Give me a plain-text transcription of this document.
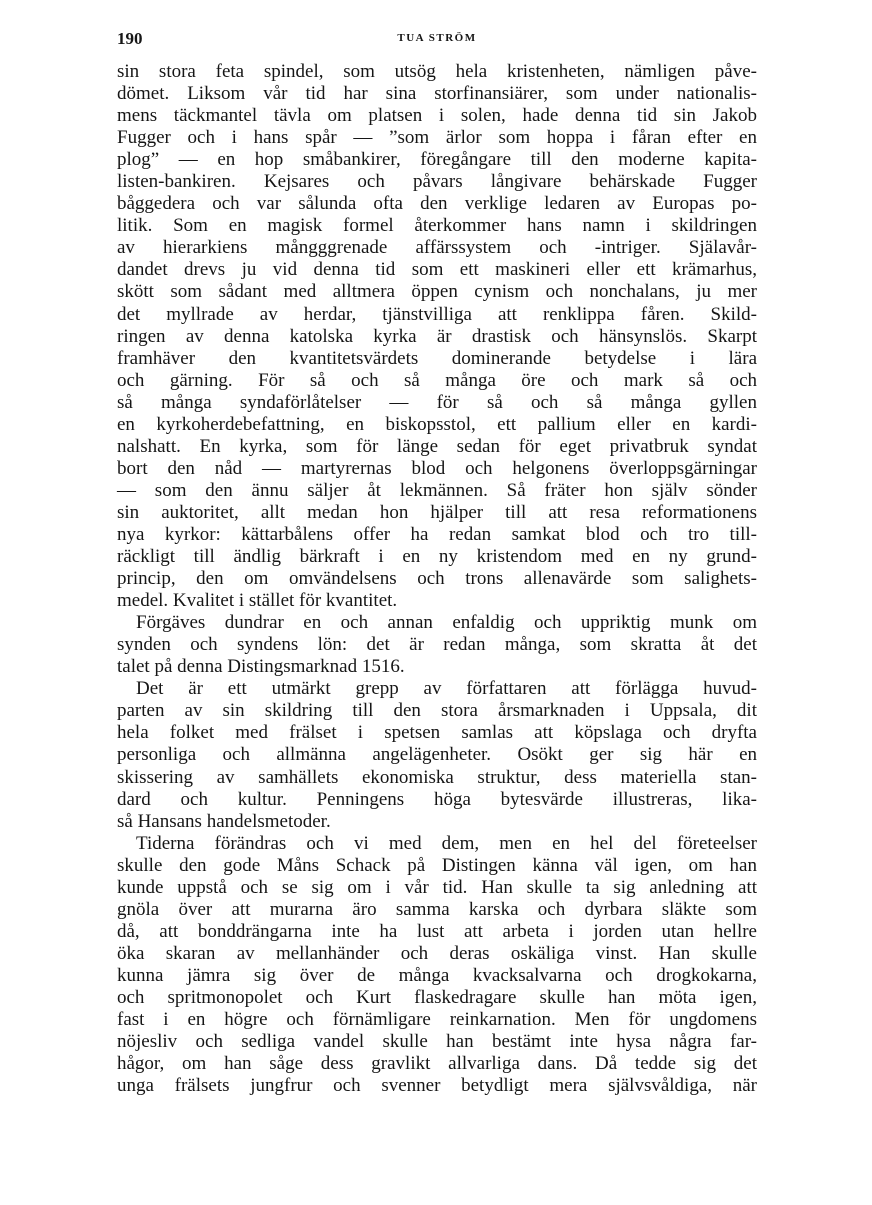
190	TUA STRÖM

sin stora feta spindel, som utsög hela kristenheten, nämligen påve-

dömet. Liksom vår tid har sina storfinansiärer, som under nationalis-

mens täckmantel tävla om platsen i solen, hade denna tid sin Jakob

Fugger och i hans spår — ”som ärlor som hoppa i fåran efter en

plog” — en hop småbankirer, föregångare till den moderne kapita-

listen-bankiren. Kejsares och påvars långivare behärskade Fugger

båggedera och var sålunda ofta den verklige ledaren av Europas po-

litik. Som en magisk formel återkommer hans namn i skildringen

av hierarkiens mångggrenade affärssystem och -intriger. Själavår-

dandet drevs ju vid denna tid som ett maskineri eller ett krämarhus,

skött som sådant med alltmera öppen cynism och nonchalans, ju mer

det myllrade av herdar, tjänstvilliga att renklippa fåren. Skild-

ringen av denna katolska kyrka är drastisk och hänsynslös. Skarpt

framhäver den kvantitetsvärdets dominerande betydelse i lära

och gärning. För så och så många öre och mark så och

så många syndaförlåtelser — för så och så många gyllen

en kyrkoherdebefattning, en biskopsstol, ett pallium eller en kardi-

nalshatt. En kyrka, som för länge sedan för eget privatbruk syndat

bort den nåd — martyrernas blod och helgonens överloppsgärningar

— som den ännu säljer åt lekmännen. Så fräter hon själv sönder

sin auktoritet, allt medan hon hjälper till att resa reformationens

nya kyrkor: kättarbålens offer ha redan samkat blod och tro till-

räckligt till ändlig bärkraft i en ny kristendom med en ny grund-

princip, den om omvändelsens och trons allenavärde som salighets-

medel. Kvalitet i stället för kvantitet.

Förgäves dundrar en och annan enfaldig och uppriktig munk om

synden och syndens lön: det är redan många, som skratta åt det

talet på denna Distingsmarknad 1516.

Det är ett utmärkt grepp av författaren att förlägga huvud-

parten av sin skildring till den stora årsmarknaden i Uppsala, dit

hela folket med frälset i spetsen samlas att köpslaga och dryfta

personliga och allmänna angelägenheter. Osökt ger sig här en

skissering av samhällets ekonomiska struktur, dess materiella stan-

dard och kultur. Penningens höga bytesvärde illustreras, lika-

så Hansans handelsmetoder.

Tiderna förändras och vi med dem, men en hel del företeelser

skulle den gode Måns Schack på Distingen känna väl igen, om han

kunde uppstå och se sig om i vår tid. Han skulle ta sig anledning att

gnöla över att murarna äro samma karska och dyrbara släkte som

då, att bonddrängarna inte ha lust att arbeta i jorden utan hellre

öka skaran av mellanhänder och deras oskäliga vinst. Han skulle

kunna jämra sig över de många kvacksalvarna och drogkokarna,

och spritmonopolet och Kurt flaskedragare skulle han möta igen,

fast i en högre och förnämligare reinkarnation. Men för ungdomens

nöjesliv och sedliga vandel skulle han bestämt inte hysa några far-

hågor, om han såge dess gravlikt allvarliga dans. Då tedde sig det

unga frälsets jungfrur och svenner betydligt mera självsvåldiga, när
